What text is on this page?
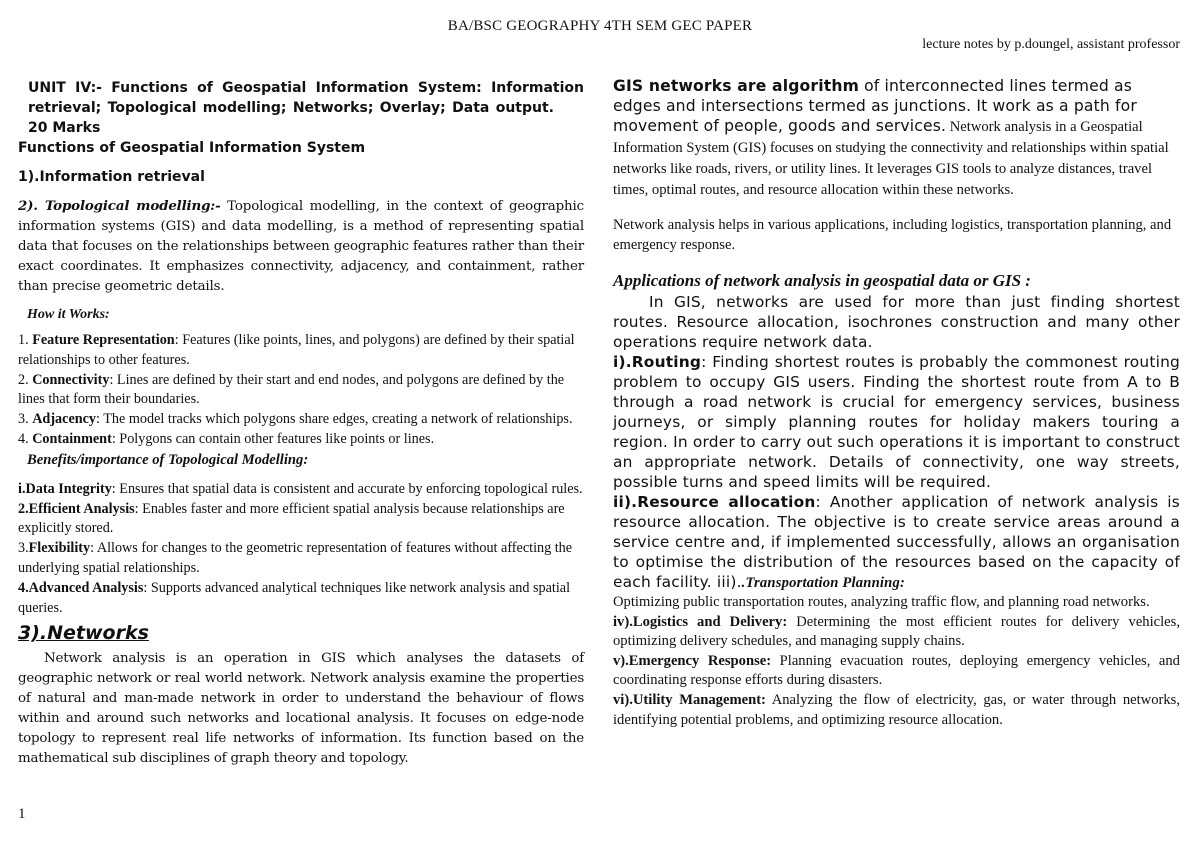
BA/BSC GEOGRAPHY 4TH SEM GEC PAPER
lecture notes by p.doungel, assistant professor
UNIT IV:- Functions of Geospatial Information System: Information retrieval; Topological modelling; Networks; Overlay; Data output.20 Marks
Functions of Geospatial Information System
1).Information retrieval
2). Topological modelling:- Topological modelling, in the context of geographic information systems (GIS) and data modelling, is a method of representing spatial data that focuses on the relationships between geographic features rather than their exact coordinates. It emphasizes connectivity, adjacency, and containment, rather than precise geometric details.
How it Works:

1. Feature Representation: Features (like points, lines, and polygons) are defined by their spatial relationships to other features.

2. Connectivity: Lines are defined by their start and end nodes, and polygons are defined by the lines that form their boundaries.

3. Adjacency: The model tracks which polygons share edges, creating a network of relationships.

4. Containment: Polygons can contain other features like points or lines.

Benefits/importance of Topological Modelling:

i.Data Integrity: Ensures that spatial data is consistent and accurate by enforcing topological rules.

2.Efficient Analysis: Enables faster and more efficient spatial analysis because relationships are explicitly stored.

3.Flexibility: Allows for changes to the geometric representation of features without affecting the underlying spatial relationships.

4.Advanced Analysis: Supports advanced analytical techniques like network analysis and spatial queries.

3).Networks
Network analysis is an operation in GIS which analyses the datasets of geographic network or real world network. Network analysis examine the properties of natural and man-made network in order to understand the behaviour of flows within and around such networks and locational analysis. It focuses on edge-node topology to represent real life networks of information. Its function based on the mathematical sub disciplines of graph theory and topology.
1
GIS networks are algorithm of interconnected lines termed as edges and intersections termed as junctions. It work as a path for movement of people, goods and services. Network analysis in a Geospatial Information System (GIS) focuses on studying the connectivity and relationships within spatial networks like roads, rivers, or utility lines. It leverages GIS tools to analyze distances, travel times, optimal routes, and resource allocation within these networks.
Network analysis helps in various applications, including logistics, transportation planning, and emergency response.
Applications of network analysis in geospatial data or GIS :
In GIS, networks are used for more than just finding shortest routes. Resource allocation, isochrones construction and many other operations require network data.
i).Routing: Finding shortest routes is probably the commonest routing problem to occupy GIS users. Finding the shortest route from A to B through a road network is crucial for emergency services, business journeys, or simply planning routes for holiday makers touring a region. In order to carry out such operations it is important to construct an appropriate network. Details of connectivity, one way streets, possible turns and speed limits will be required.
ii).Resource allocation: Another application of network analysis is resource allocation. The objective is to create service areas around a service centre and, if implemented successfully, allows an organisation to optimise the distribution of the resources based on the capacity of each facility. iii)..Transportation Planning:

Optimizing public transportation routes, analyzing traffic flow, and planning road networks.

iv).Logistics and Delivery: Determining the most efficient routes for delivery vehicles, optimizing delivery schedules, and managing supply chains.

v).Emergency Response: Planning evacuation routes, deploying emergency vehicles, and coordinating response efforts during disasters.

vi).Utility Management: Analyzing the flow of electricity, gas, or water through networks, identifying potential problems, and optimizing resource allocation.
